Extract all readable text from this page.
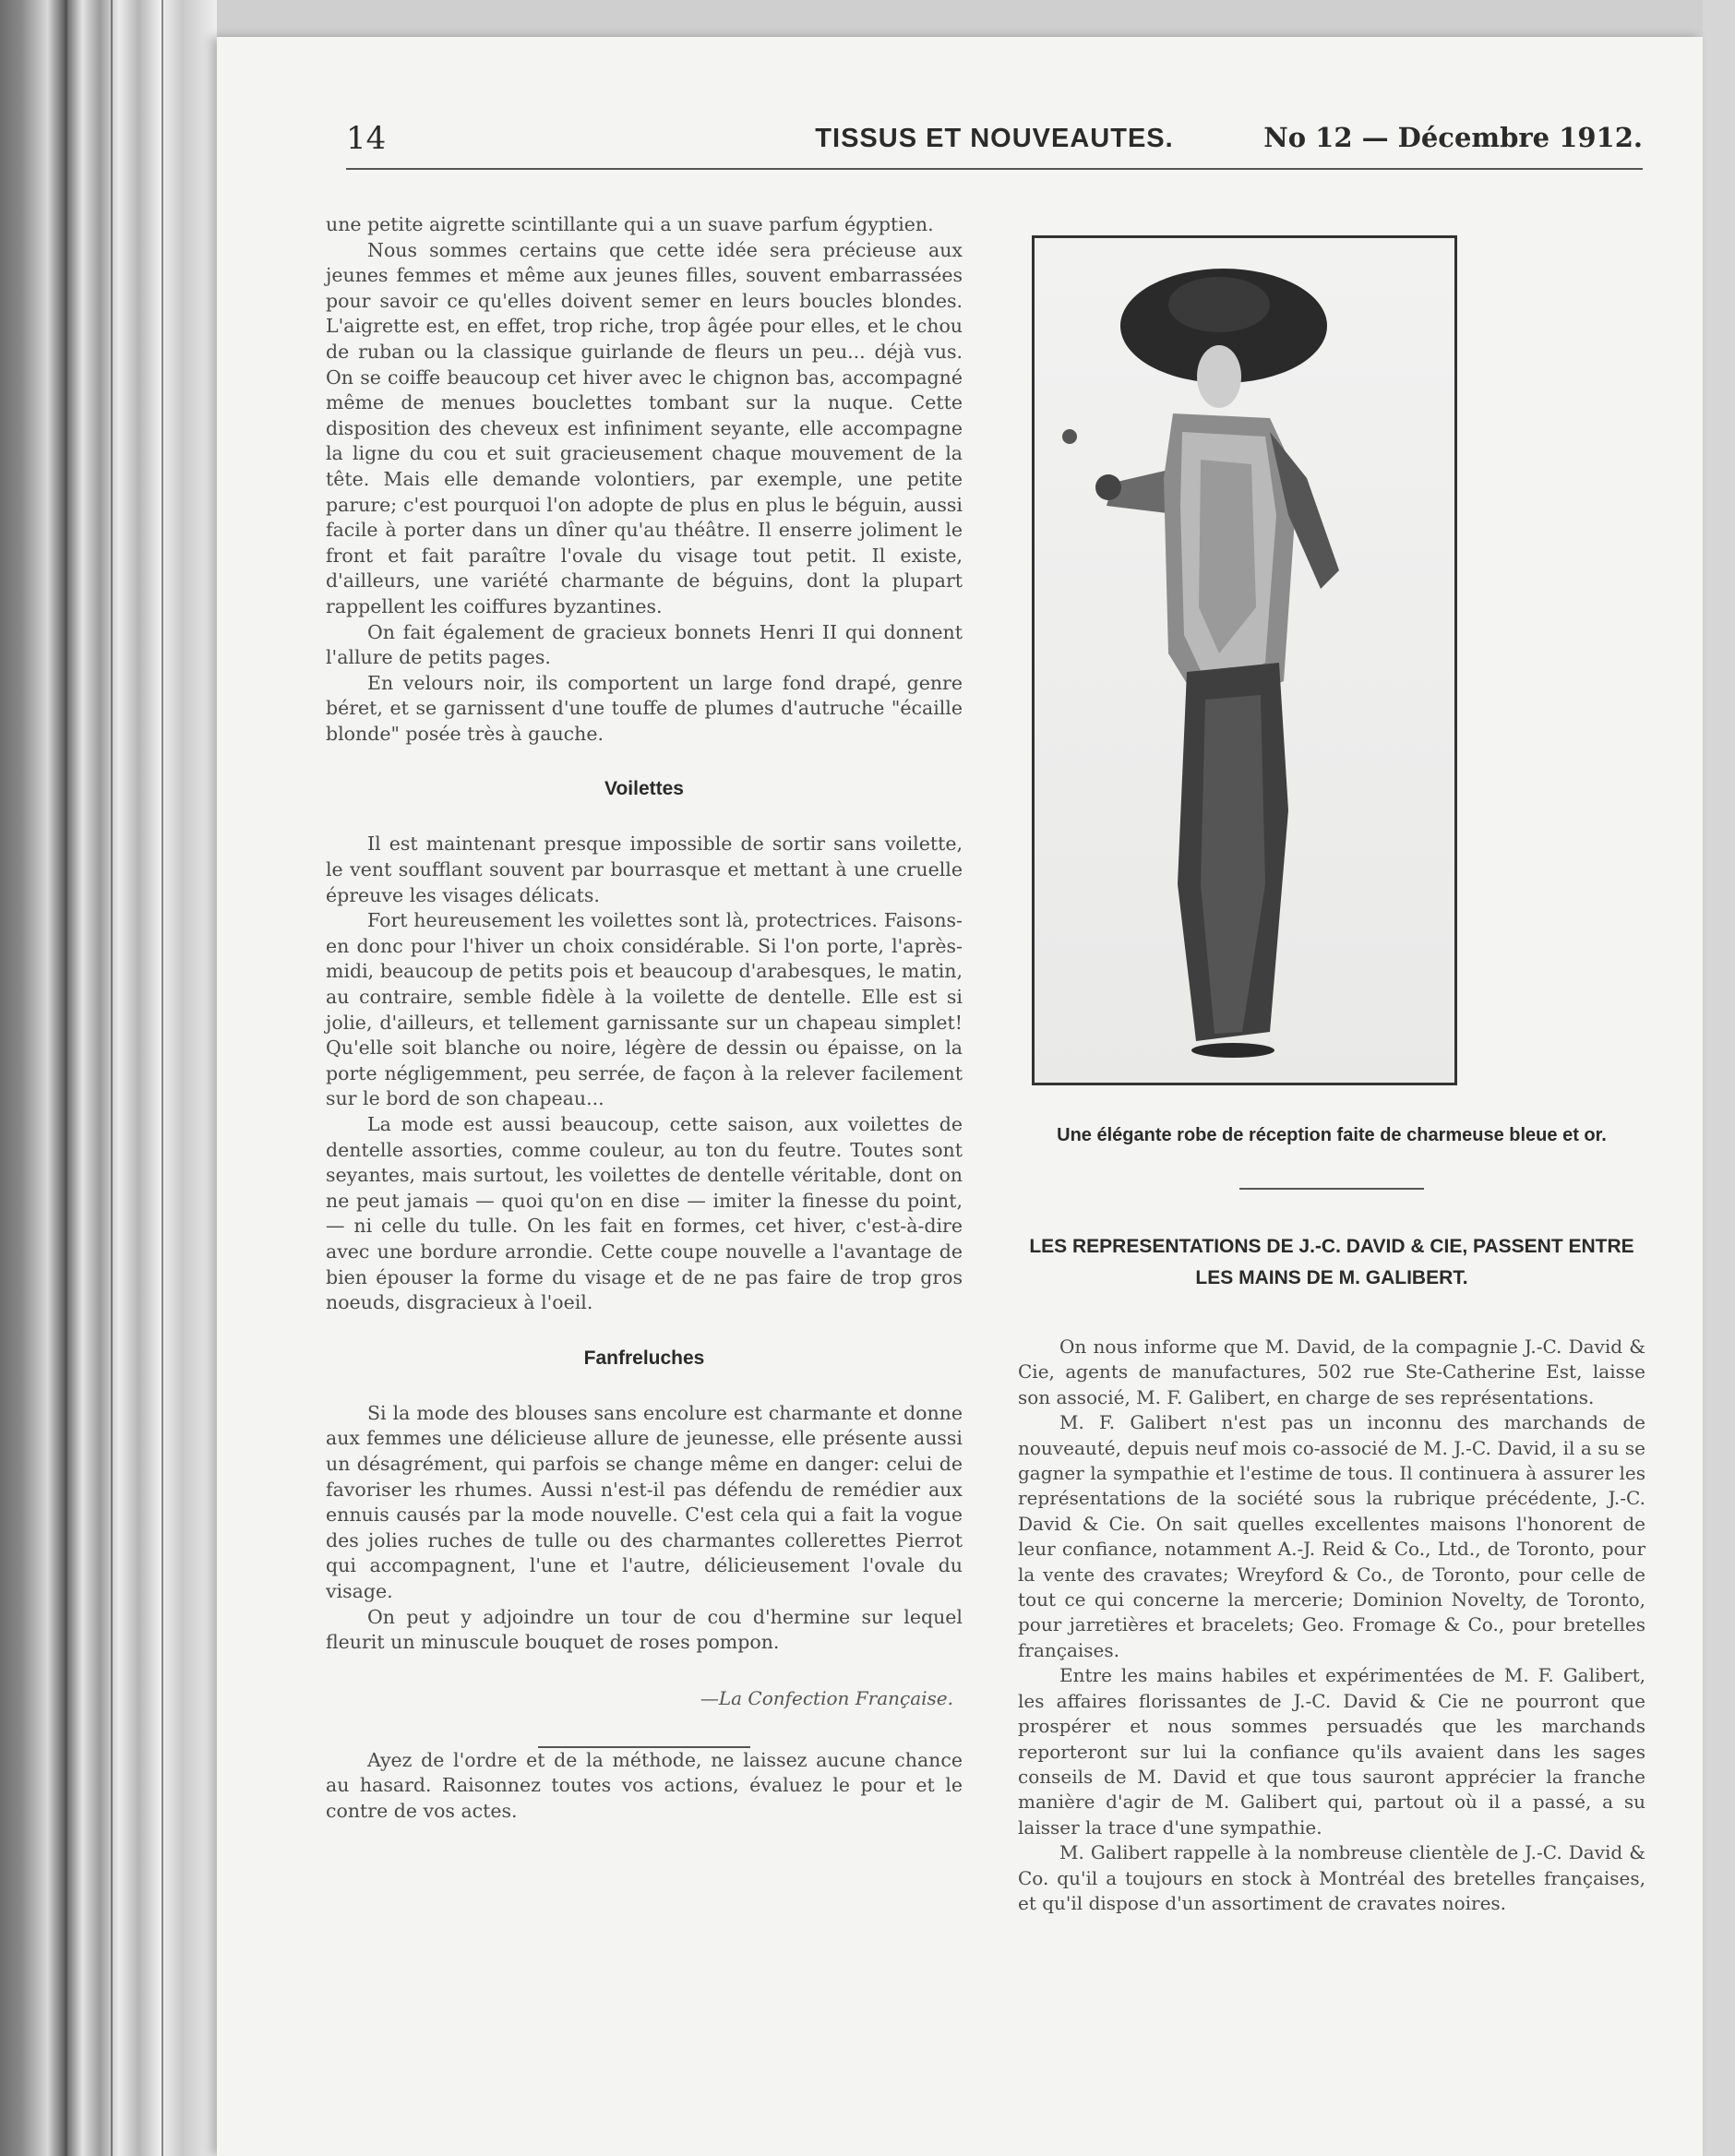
14	TISSUS ET NOUVEAUTES.	No 12 — Décembre 1912.

une petite aigrette scintillante qui a un suave parfum égyptien.

Nous sommes certains que cette idée sera précieuse aux jeunes femmes et même aux jeunes filles, souvent embarrassées pour savoir ce qu'elles doivent semer en leurs boucles blondes. L'aigrette est, en effet, trop riche, trop âgée pour elles, et le chou de ruban ou la classique guirlande de fleurs un peu... déjà vus. On se coiffe beaucoup cet hiver avec le chignon bas, accompagné même de menues bouclettes tombant sur la nuque. Cette disposition des cheveux est infiniment seyante, elle accompagne la ligne du cou et suit gracieusement chaque mouvement de la tête. Mais elle demande volontiers, par exemple, une petite parure; c'est pourquoi l'on adopte de plus en plus le béguin, aussi facile à porter dans un dîner qu'au théâtre. Il enserre joliment le front et fait paraître l'ovale du visage tout petit. Il existe, d'ailleurs, une variété charmante de béguins, dont la plupart rappellent les coiffures byzantines.

On fait également de gracieux bonnets Henri II qui donnent l'allure de petits pages.

En velours noir, ils comportent un large fond drapé, genre béret, et se garnissent d'une touffe de plumes d'autruche "écaille blonde" posée très à gauche.

Voilettes

Il est maintenant presque impossible de sortir sans voilette, le vent soufflant souvent par bourrasque et mettant à une cruelle épreuve les visages délicats.

Fort heureusement les voilettes sont là, protectrices. Faisons-en donc pour l'hiver un choix considérable. Si l'on porte, l'après-midi, beaucoup de petits pois et beaucoup d'arabesques, le matin, au contraire, semble fidèle à la voilette de dentelle. Elle est si jolie, d'ailleurs, et tellement garnissante sur un chapeau simplet! Qu'elle soit blanche ou noire, légère de dessin ou épaisse, on la porte négligemment, peu serrée, de façon à la relever facilement sur le bord de son chapeau...

La mode est aussi beaucoup, cette saison, aux voilettes de dentelle assorties, comme couleur, au ton du feutre. Toutes sont seyantes, mais surtout, les voilettes de dentelle véritable, dont on ne peut jamais — quoi qu'on en dise — imiter la finesse du point, — ni celle du tulle. On les fait en formes, cet hiver, c'est-à-dire avec une bordure arrondie. Cette coupe nouvelle a l'avantage de bien épouser la forme du visage et de ne pas faire de trop gros noeuds, disgracieux à l'oeil.

Fanfreluches

Si la mode des blouses sans encolure est charmante et donne aux femmes une délicieuse allure de jeunesse, elle présente aussi un désagrément, qui parfois se change même en danger: celui de favoriser les rhumes. Aussi n'est-il pas défendu de remédier aux ennuis causés par la mode nouvelle. C'est cela qui a fait la vogue des jolies ruches de tulle ou des charmantes collerettes Pierrot qui accompagnent, l'une et l'autre, délicieusement l'ovale du visage.

On peut y adjoindre un tour de cou d'hermine sur lequel fleurit un minuscule bouquet de roses pompon.

—La Confection Française.

Ayez de l'ordre et de la méthode, ne laissez aucune chance au hasard. Raisonnez toutes vos actions, évaluez le pour et le contre de vos actes.

Une élégante robe de réception faite de charmeuse bleue et or.
LES REPRESENTATIONS DE J.-C. DAVID & CIE, PASSENT ENTRE LES MAINS DE M. GALIBERT.

On nous informe que M. David, de la compagnie J.-C. David & Cie, agents de manufactures, 502 rue Ste-Catherine Est, laisse son associé, M. F. Galibert, en charge de ses représentations.

M. F. Galibert n'est pas un inconnu des marchands de nouveauté, depuis neuf mois co-associé de M. J.-C. David, il a su se gagner la sympathie et l'estime de tous. Il continuera à assurer les représentations de la société sous la rubrique précédente, J.-C. David & Cie. On sait quelles excellentes maisons l'honorent de leur confiance, notamment A.-J. Reid & Co., Ltd., de Toronto, pour la vente des cravates; Wreyford & Co., de Toronto, pour celle de tout ce qui concerne la mercerie; Dominion Novelty, de Toronto, pour jarretières et bracelets; Geo. Fromage & Co., pour bretelles françaises.

Entre les mains habiles et expérimentées de M. F. Galibert, les affaires florissantes de J.-C. David & Cie ne pourront que prospérer et nous sommes persuadés que les marchands reporteront sur lui la confiance qu'ils avaient dans les sages conseils de M. David et que tous sauront apprécier la franche manière d'agir de M. Galibert qui, partout où il a passé, a su laisser la trace d'une sympathie.

M. Galibert rappelle à la nombreuse clientèle de J.-C. David & Co. qu'il a toujours en stock à Montréal des bretelles françaises, et qu'il dispose d'un assortiment de cravates noires.
